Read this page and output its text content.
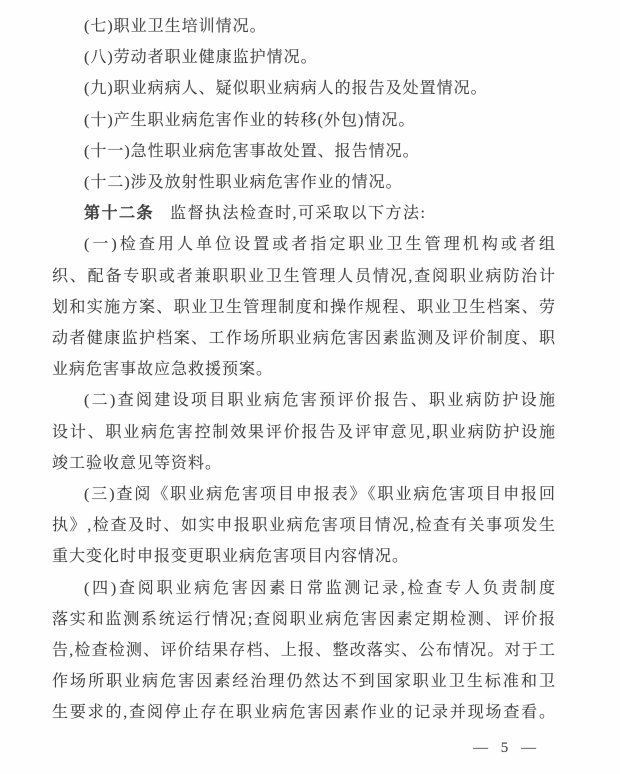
(七)职业卫生培训情况。
(八)劳动者职业健康监护情况。
(九)职业病病人、疑似职业病病人的报告及处置情况。
(十)产生职业病危害作业的转移(外包)情况。
(十一)急性职业病危害事故处置、报告情况。
(十二)涉及放射性职业病危害作业的情况。
第十二条 监督执法检查时,可采取以下方法:
(一)检查用人单位设置或者指定职业卫生管理机构或者组
织、配备专职或者兼职职业卫生管理人员情况,查阅职业病防治计
划和实施方案、职业卫生管理制度和操作规程、职业卫生档案、劳
动者健康监护档案、工作场所职业病危害因素监测及评价制度、职
业病危害事故应急救援预案。
(二)查阅建设项目职业病危害预评价报告、职业病防护设施
设计、职业病危害控制效果评价报告及评审意见,职业病防护设施
竣工验收意见等资料。
(三)查阅《职业病危害项目申报表》《职业病危害项目申报回
执》,检查及时、如实申报职业病危害项目情况,检查有关事项发生
重大变化时申报变更职业病危害项目内容情况。
(四)查阅职业病危害因素日常监测记录,检查专人负责制度
落实和监测系统运行情况;查阅职业病危害因素定期检测、评价报
告,检查检测、评价结果存档、上报、整改落实、公布情况。对于工
作场所职业病危害因素经治理仍然达不到国家职业卫生标准和卫
生要求的,查阅停止存在职业病危害因素作业的记录并现场查看。
— 5 —
